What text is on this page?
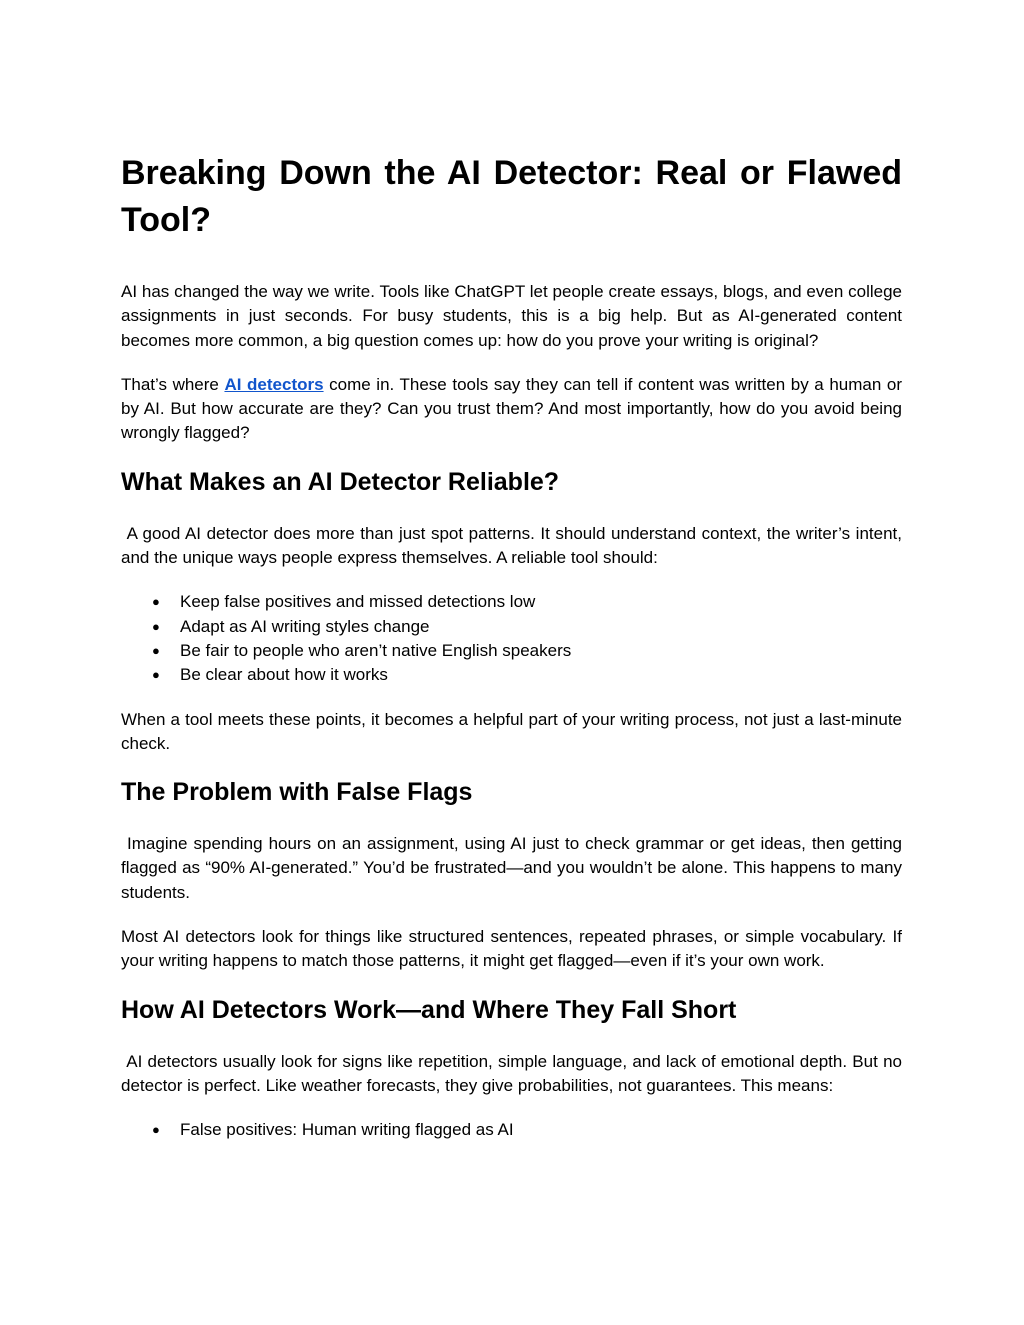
Breaking Down the AI Detector: Real or Flawed Tool?

AI has changed the way we write. Tools like ChatGPT let people create essays, blogs, and even college assignments in just seconds. For busy students, this is a big help. But as AI-generated content becomes more common, a big question comes up: how do you prove your writing is original?

That’s where AI detectors come in. These tools say they can tell if content was written by a human or by AI. But how accurate are they? Can you trust them? And most importantly, how do you avoid being wrongly flagged?

What Makes an AI Detector Reliable?

A good AI detector does more than just spot patterns. It should understand context, the writer’s intent, and the unique ways people express themselves. A reliable tool should:

● Keep false positives and missed detections low
● Adapt as AI writing styles change
● Be fair to people who aren’t native English speakers
● Be clear about how it works

When a tool meets these points, it becomes a helpful part of your writing process, not just a last-minute check.

The Problem with False Flags

Imagine spending hours on an assignment, using AI just to check grammar or get ideas, then getting flagged as “90% AI-generated.” You’d be frustrated—and you wouldn’t be alone. This happens to many students.

Most AI detectors look for things like structured sentences, repeated phrases, or simple vocabulary. If your writing happens to match those patterns, it might get flagged—even if it’s your own work.

How AI Detectors Work—and Where They Fall Short

AI detectors usually look for signs like repetition, simple language, and lack of emotional depth. But no detector is perfect. Like weather forecasts, they give probabilities, not guarantees. This means:

● False positives: Human writing flagged as AI
